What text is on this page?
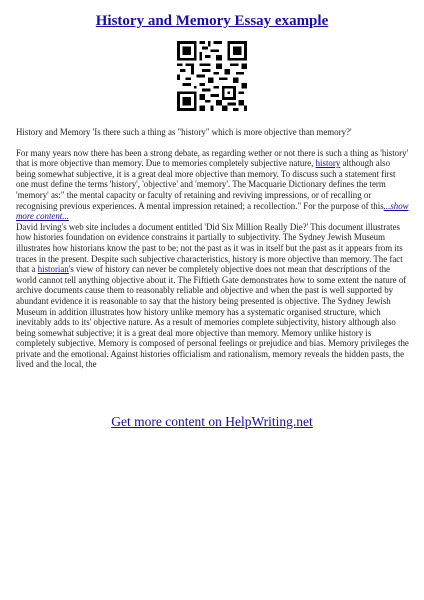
History and Memory Essay example

History and Memory 'Is there such a thing as "history" which is more objective than memory?'

For many years now there has been a strong debate, as regarding wether or not there is such a thing as 'history' that is more objective than memory. Due to memories completely subjective nature, history although also being somewhat subjective, it is a great deal more objective than memory. To discuss such a statement first one must define the terms 'history', 'objective' and 'memory'. The Macquarie Dictionary defines the term 'memory' as:" the mental capacity or faculty of retaining and reviving impressions, or of recalling or recognising previous experiences. A mental impression retained; a recollection." For the purpose of this...show more content...

David Irving's web site includes a document entitled 'Did Six Million Really Die?' This document illustrates how histories foundation on evidence constrains it partially to subjectivity. The Sydney Jewish Museum illustrates how historians know the past to be; not the past as it was in itself but the past as it appears from its traces in the present. Despite such subjective characteristics, history is more objective than memory. The fact that a historian's view of history can never be completely objective does not mean that descriptions of the world cannot tell anything objective about it. The Fiftieth Gate demonstrates how to some extent the nature of archive documents cause them to reasonably reliable and objective and when the past is well supported by abundant evidence it is reasonable to say that the history being presented is objective. The Sydney Jewish Museum in addition illustrates how history unlike memory has a systematic organised structure, which inevitably adds to its' objective nature. As a result of memories complete subjectivity, history although also being somewhat subjective; it is a great deal more objective than memory. Memory unlike history is completely subjective. Memory is composed of personal feelings or prejudice and bias. Memory privileges the private and the emotional. Against histories officialism and rationalism, memory reveals the hidden pasts, the lived and the local, the

Get more content on HelpWriting.net
